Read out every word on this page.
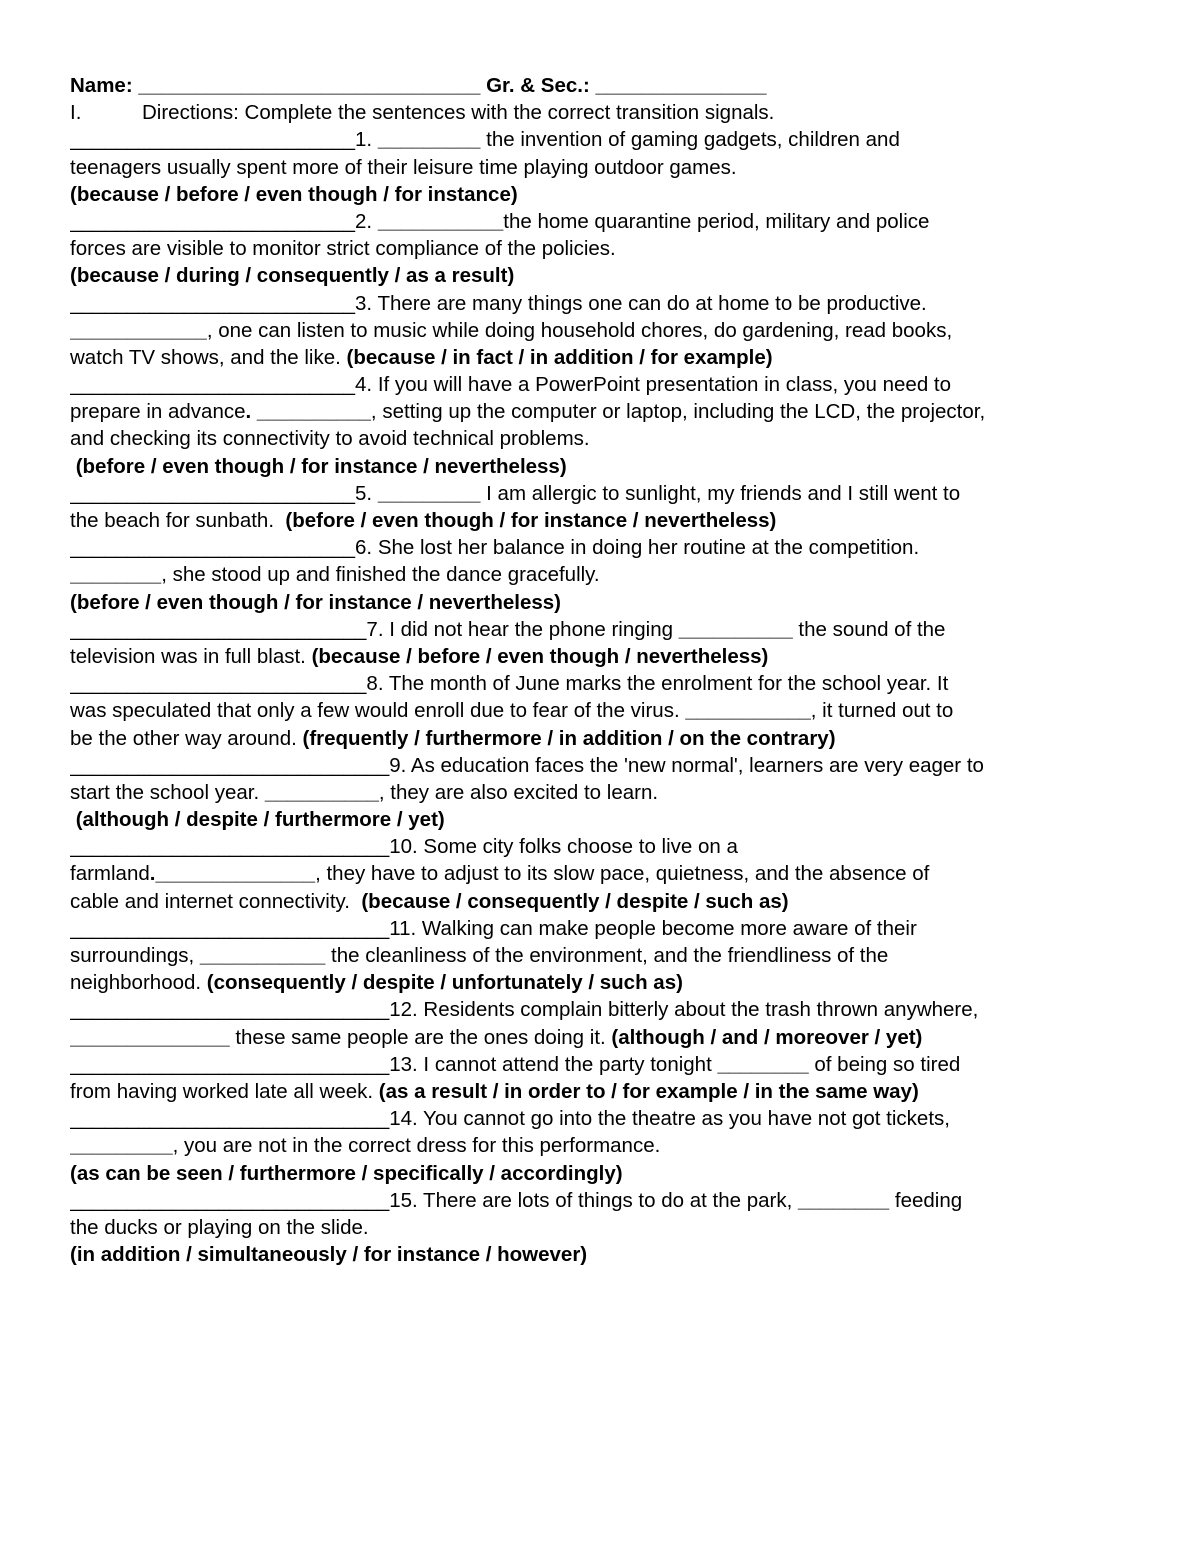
Name: ______________________________ Gr. & Sec.: _______________
I.	Directions: Complete the sentences with the correct transition signals.
_________________________1. _________ the invention of gaming gadgets, children and
teenagers usually spent more of their leisure time playing outdoor games.
(because / before / even though / for instance)
_________________________2. ___________the home quarantine period, military and police
forces are visible to monitor strict compliance of the policies.
(because / during / consequently / as a result)
_________________________3. There are many things one can do at home to be productive.
____________, one can listen to music while doing household chores, do gardening, read books,
watch TV shows, and the like. (because / in fact / in addition / for example)
_________________________4. If you will have a PowerPoint presentation in class, you need to
prepare in advance. __________, setting up the computer or laptop, including the LCD, the projector,
and checking its connectivity to avoid technical problems.
(before / even though / for instance / nevertheless)
_________________________5. _________ I am allergic to sunlight, my friends and I still went to
the beach for sunbath.  (before / even though / for instance / nevertheless)
_________________________6. She lost her balance in doing her routine at the competition.
________, she stood up and finished the dance gracefully.
(before / even though / for instance / nevertheless)
__________________________7. I did not hear the phone ringing __________ the sound of the
television was in full blast. (because / before / even though / nevertheless)
__________________________8. The month of June marks the enrolment for the school year. It
was speculated that only a few would enroll due to fear of the virus. ___________, it turned out to
be the other way around. (frequently / furthermore / in addition / on the contrary)
____________________________9. As education faces the 'new normal', learners are very eager to
start the school year. __________, they are also excited to learn.
(although / despite / furthermore / yet)
____________________________10. Some city folks choose to live on a
farmland.______________, they have to adjust to its slow pace, quietness, and the absence of
cable and internet connectivity.  (because / consequently / despite / such as)
____________________________11. Walking can make people become more aware of their
surroundings, ___________ the cleanliness of the environment, and the friendliness of the
neighborhood. (consequently / despite / unfortunately / such as)
____________________________12. Residents complain bitterly about the trash thrown anywhere,
______________ these same people are the ones doing it. (although / and / moreover / yet)
____________________________13. I cannot attend the party tonight ________ of being so tired
from having worked late all week. (as a result / in order to / for example / in the same way)
____________________________14. You cannot go into the theatre as you have not got tickets,
_________, you are not in the correct dress for this performance.
(as can be seen / furthermore / specifically / accordingly)
____________________________15. There are lots of things to do at the park, ________ feeding
the ducks or playing on the slide.
(in addition / simultaneously / for instance / however)
